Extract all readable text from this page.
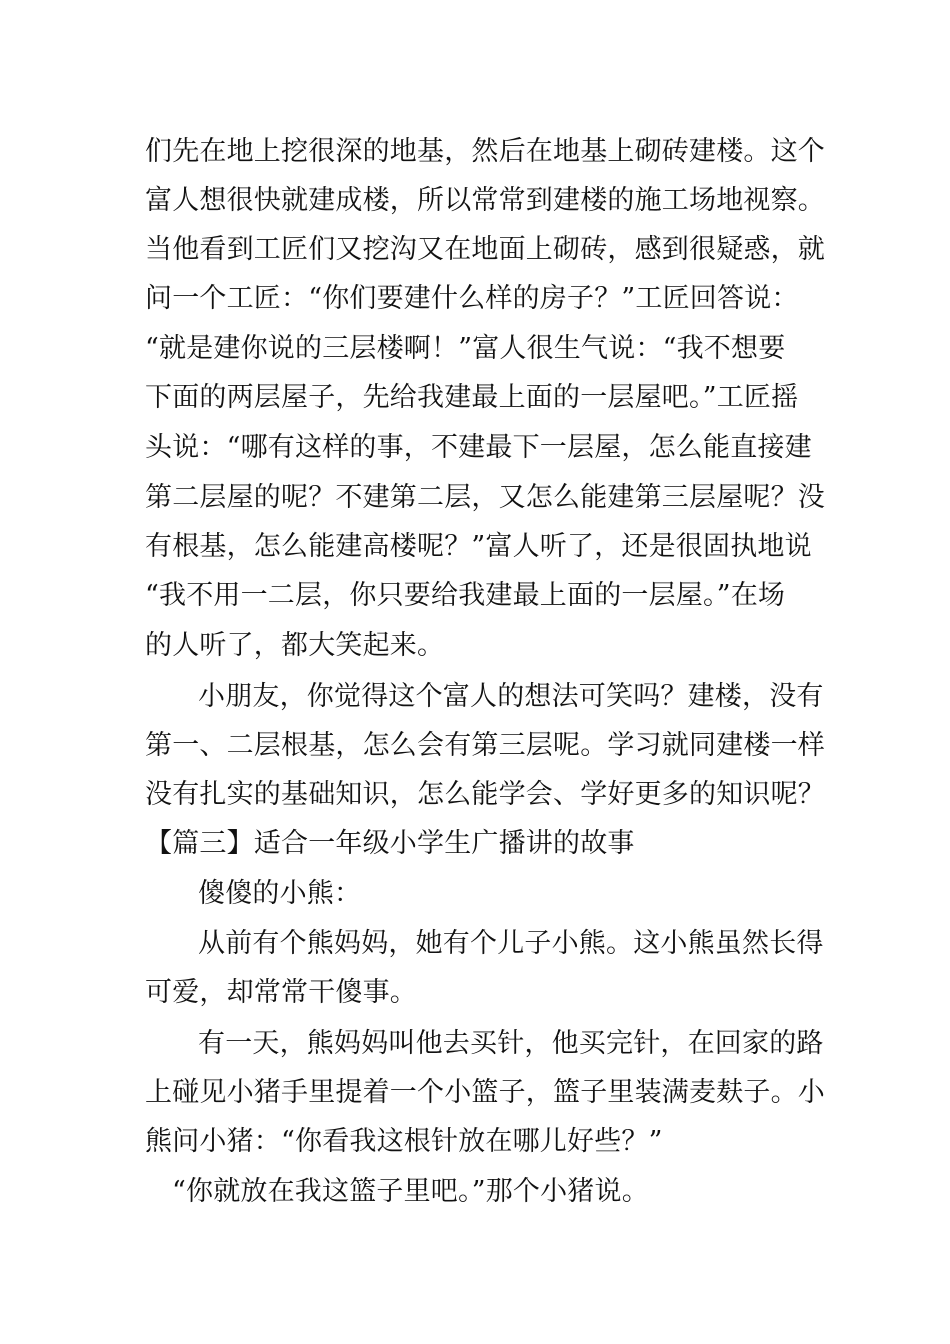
们先在地上挖很深的地基，然后在地基上砌砖建楼。这个
富人想很快就建成楼，所以常常到建楼的施工场地视察。
当他看到工匠们又挖沟又在地面上砌砖，感到很疑惑，就
问一个工匠：“你们要建什么样的房子？”工匠回答说：
“就是建你说的三层楼啊！”富人很生气说：“我不想要
下面的两层屋子，先给我建最上面的一层屋吧。”工匠摇
头说：“哪有这样的事，不建最下一层屋，怎么能直接建
第二层屋的呢？不建第二层，又怎么能建第三层屋呢？没
有根基，怎么能建高楼呢？”富人听了，还是很固执地说
“我不用一二层，你只要给我建最上面的一层屋。”在场
的人听了，都大笑起来。
小朋友，你觉得这个富人的想法可笑吗？建楼，没有
第一、二层根基，怎么会有第三层呢。学习就同建楼一样
没有扎实的基础知识，怎么能学会、学好更多的知识呢？
【篇三】适合一年级小学生广播讲的故事
傻傻的小熊：
从前有个熊妈妈，她有个儿子小熊。这小熊虽然长得
可爱，却常常干傻事。
有一天，熊妈妈叫他去买针，他买完针，在回家的路
上碰见小猪手里提着一个小篮子，篮子里装满麦麸子。小
熊问小猪：“你看我这根针放在哪儿好些？”
“你就放在我这篮子里吧。”那个小猪说。
